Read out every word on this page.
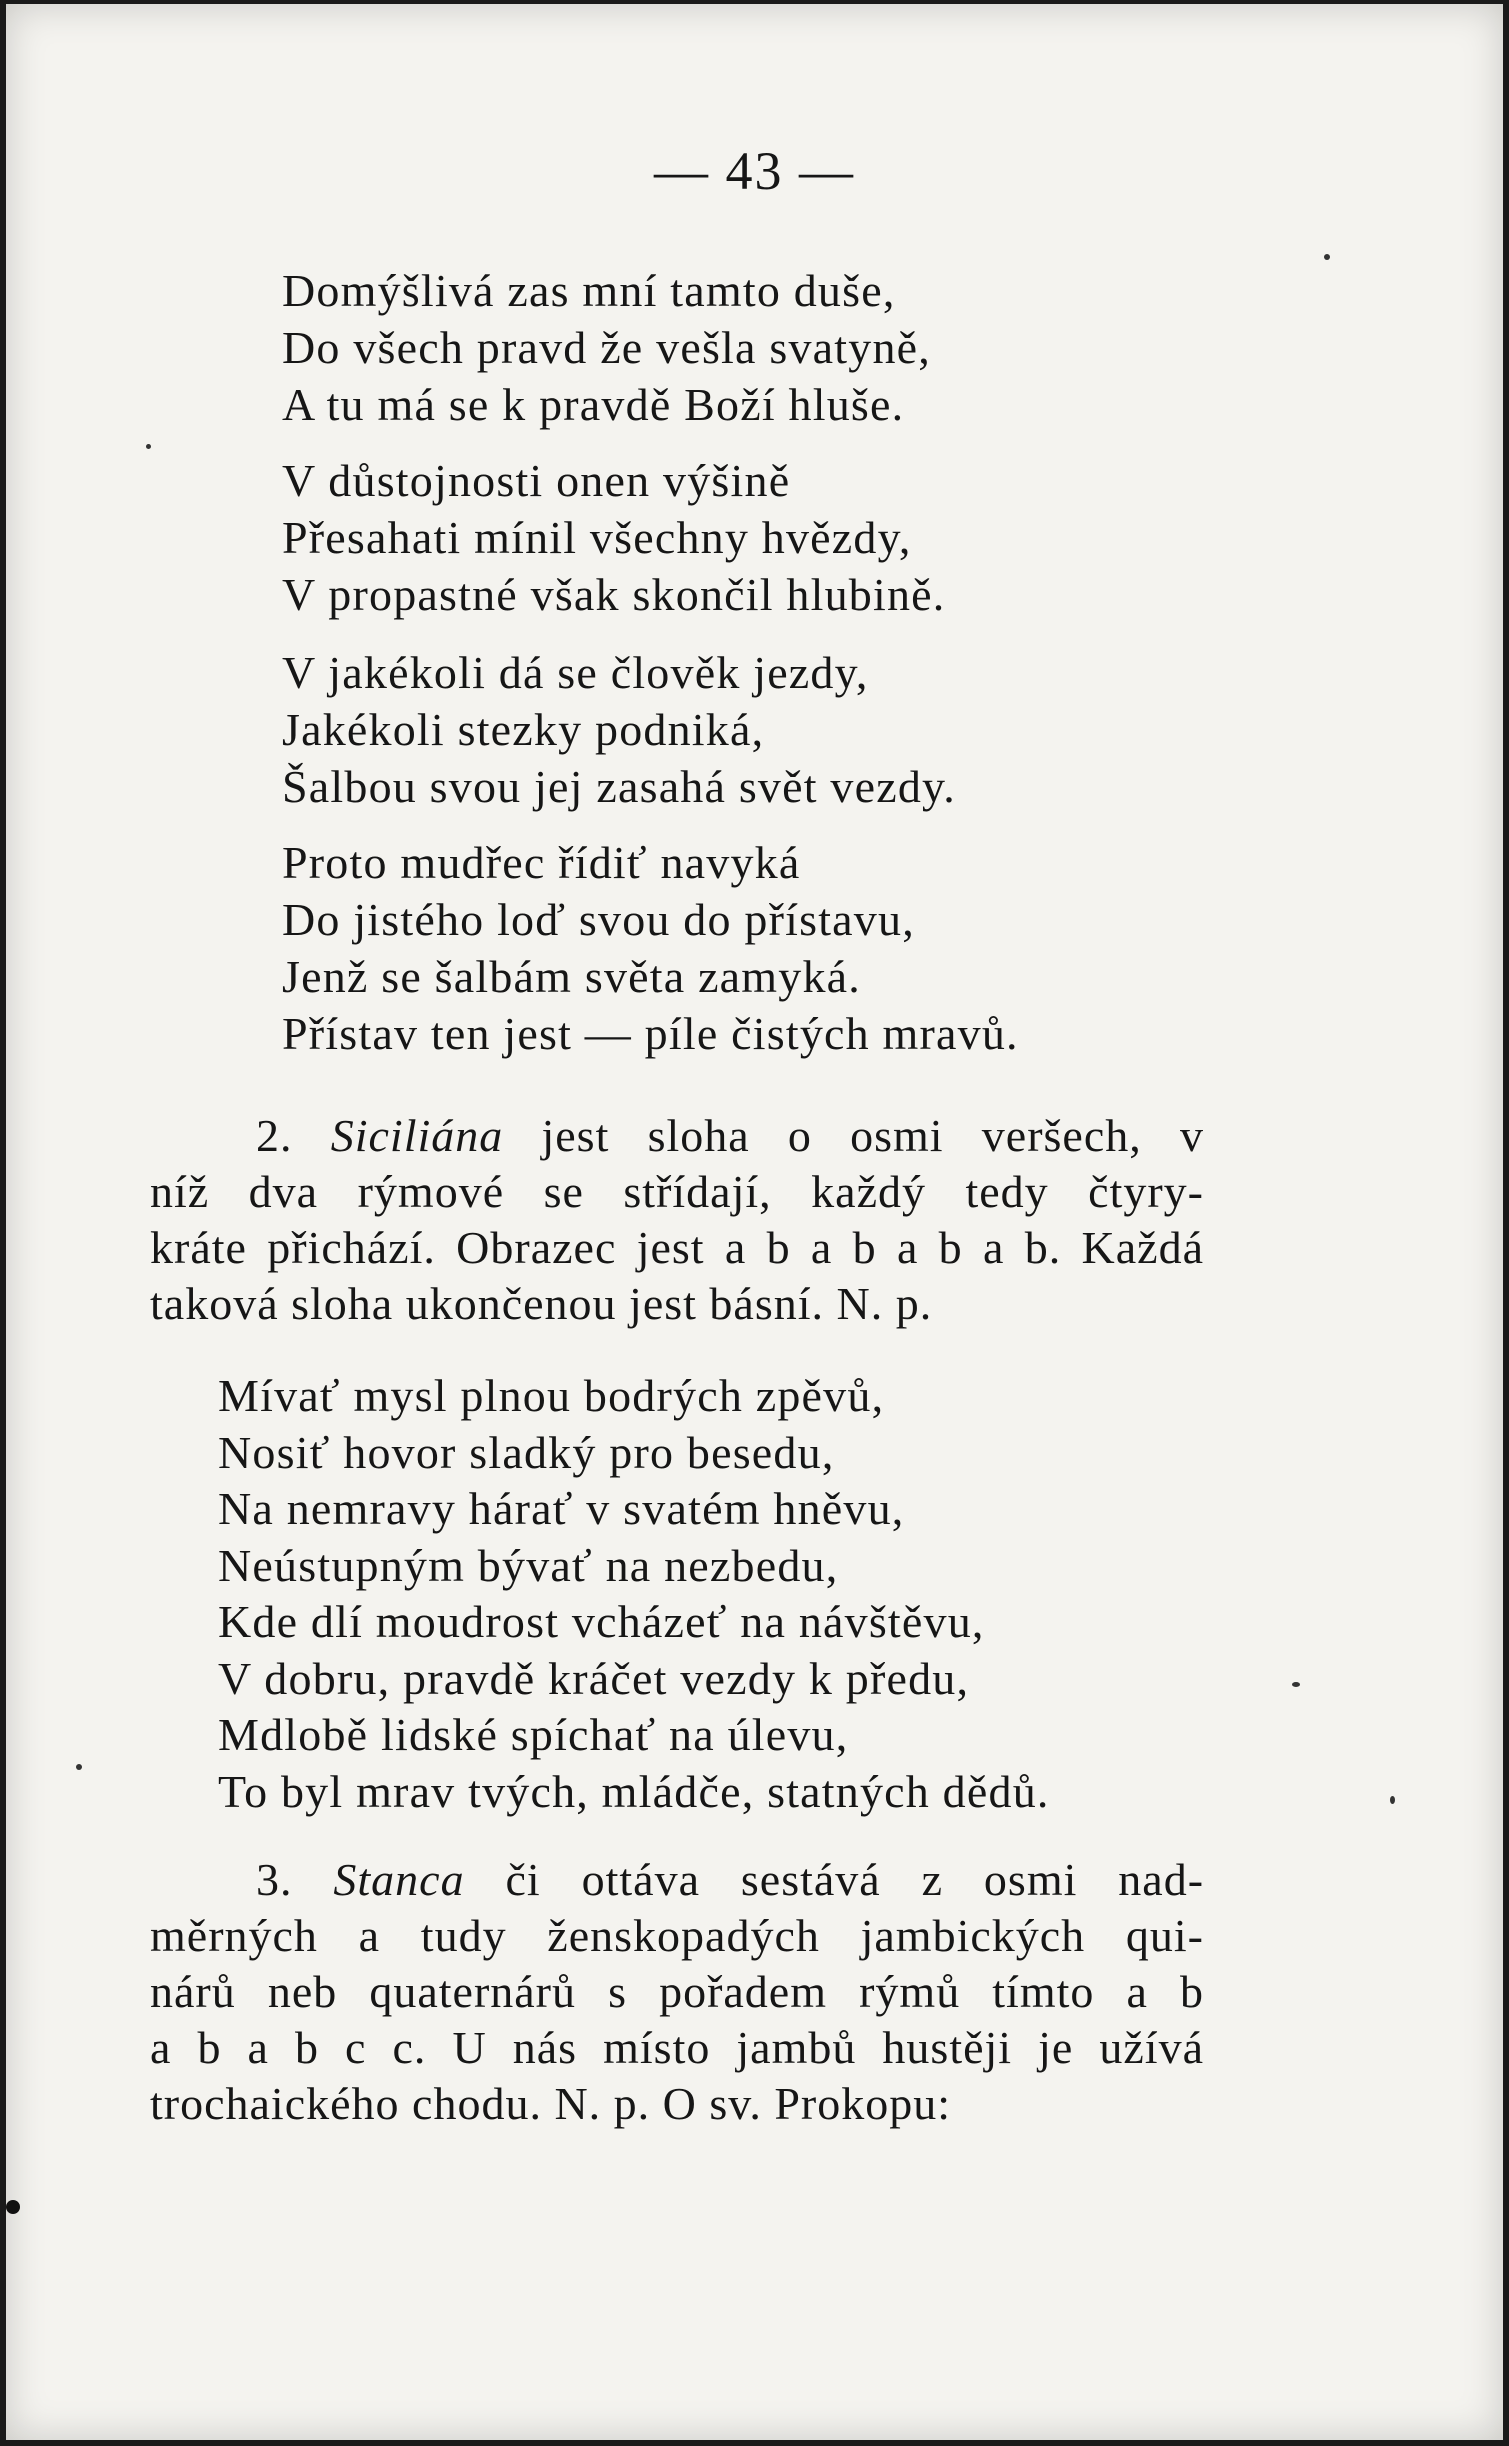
— 43 —
Domýšlivá zas mní tamto duše,
Do všech pravd že vešla svatyně,
A tu má se k pravdě Boží hluše.
V důstojnosti onen výšině
Přesahati mínil všechny hvězdy,
V propastné však skončil hlubině.
V jakékoli dá se člověk jezdy,
Jakékoli stezky podniká,
Šalbou svou jej zasahá svět vezdy.
Proto mudřec řídiť navyká
Do jistého loď svou do přístavu,
Jenž se šalbám světa zamyká.
Přístav ten jest — píle čistých mravů.
2. Siciliána jest sloha o osmi veršech, v
níž dva rýmové se střídají, každý tedy čtyry-
kráte přichází. Obrazec jest a b a b a b a b. Každá
taková sloha ukončenou jest básní. N. p.
Mívať mysl plnou bodrých zpěvů,
Nosiť hovor sladký pro besedu,
Na nemravy hárať v svatém hněvu,
Neústupným bývať na nezbedu,
Kde dlí moudrost vcházeť na návštěvu,
V dobru, pravdě kráčet vezdy k předu,
Mdlobě lidské spíchať na úlevu,
To byl mrav tvých, mládče, statných dědů.
3. Stanca či ottáva sestává z osmi nad-
měrných a tudy ženskopadých jambických qui-
nárů neb quaternárů s pořadem rýmů tímto a b
a b a b c c. U nás místo jambů hustěji je užívá
trochaického chodu. N. p. O sv. Prokopu:
